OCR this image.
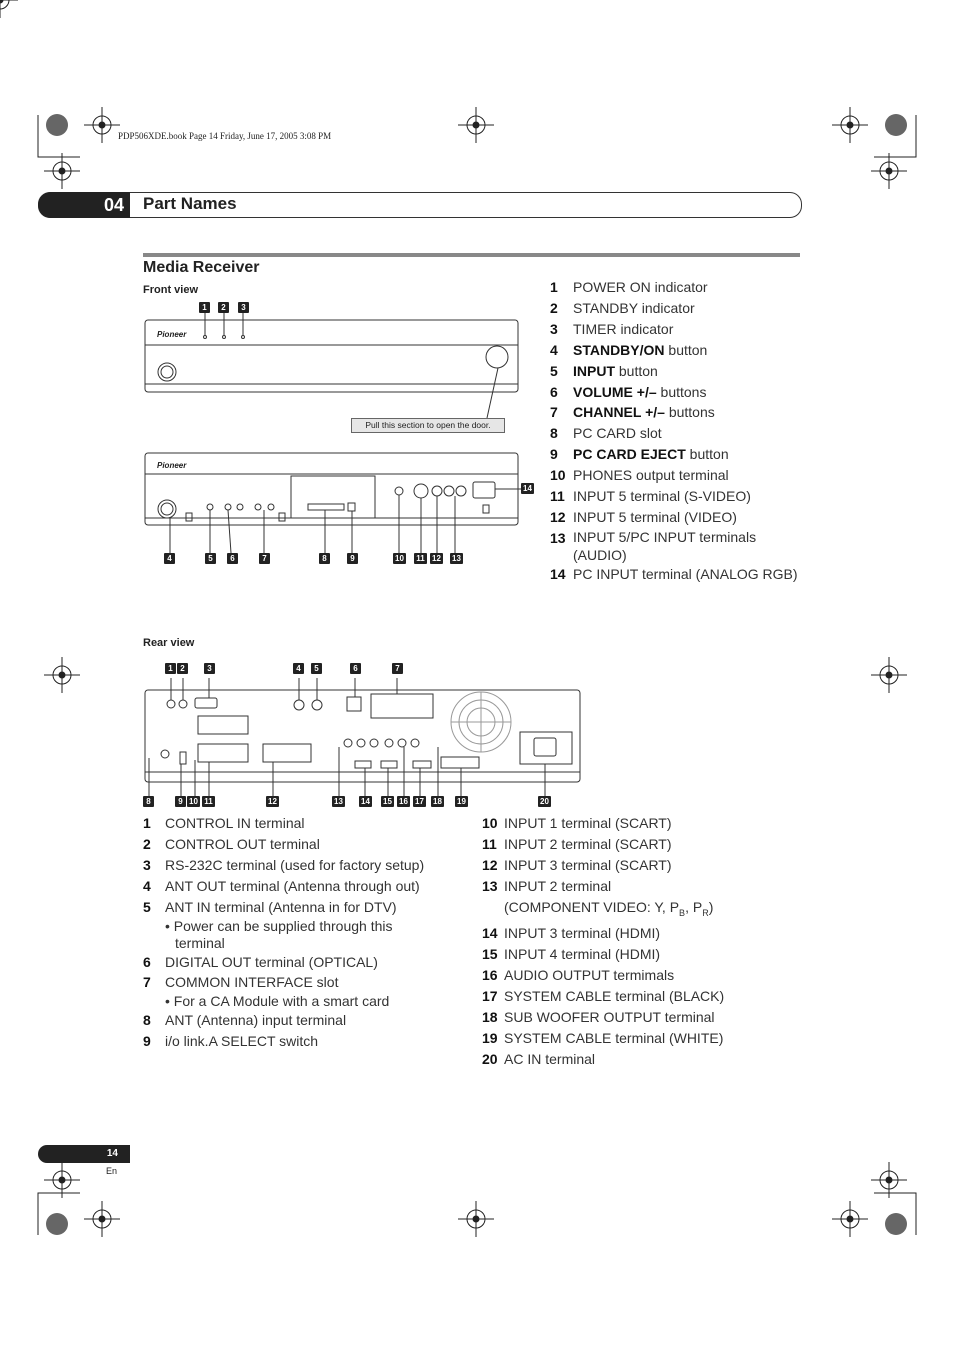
PDP506XDE.book Page 14 Friday, June 17, 2005 3:08 PM
04	Part Names
Media Receiver
Front view
Pioneer
Pioneer
Pull this section to open the door.
1	2	3
4	5	6	7	8	9	10 11 12 13
14
1 POWER ON indicator
2 STANDBY indicator
3 TIMER indicator
4 STANDBY/ON button
5 INPUT button
6 VOLUME +/– buttons
7 CHANNEL +/– buttons
8 PC CARD slot
9 PC CARD EJECT button
10 PHONES output terminal
11 INPUT 5 terminal (S-VIDEO)
12 INPUT 5 terminal (VIDEO)
13 INPUT 5/PC INPUT terminals (AUDIO)
14 PC INPUT terminal (ANALOG RGB)
Rear view
1 2	3	4	5	6	7
8	9 10 11	12	13 14 15 16 17 18 19	20
1 CONTROL IN terminal
2 CONTROL OUT terminal
3 RS-232C terminal (used for factory setup)
4 ANT OUT terminal (Antenna through out)
5 ANT IN terminal (Antenna in for DTV)
• Power can be supplied through this terminal
6 DIGITAL OUT terminal (OPTICAL)
7 COMMON INTERFACE slot
• For a CA Module with a smart card
8 ANT (Antenna) input terminal
9 i/o link.A SELECT switch
10 INPUT 1 terminal (SCART)
11 INPUT 2 terminal (SCART)
12 INPUT 3 terminal (SCART)
13 INPUT 2 terminal
(COMPONENT VIDEO: Y, $P_B$, $P_R$)
14 INPUT 3 terminal (HDMI)
15 INPUT 4 terminal (HDMI)
16 AUDIO OUTPUT termimals
17 SYSTEM CABLE terminal (BLACK)
18 SUB WOOFER OUTPUT terminal
19 SYSTEM CABLE terminal (WHITE)
20 AC IN terminal
14
En
